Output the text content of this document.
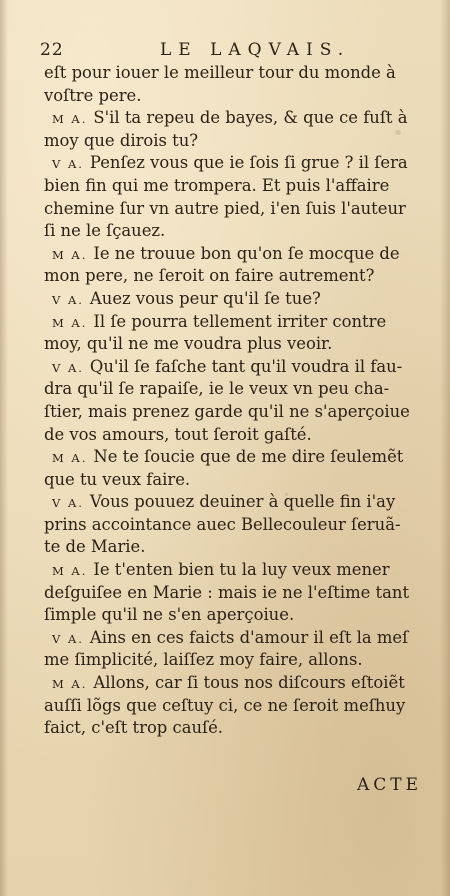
22	LE LAQVAIS.
eſt pour iouer le meilleur tour du monde à
voſtre pere.
M A. S'il ta repeu de bayes, & que ce fuſt à
moy que dirois tu?
V A. Penſez vous que ie ſois ſi grue ? il ſera
bien fin qui me trompera. Et puis l'affaire
chemine ſur vn autre pied, i'en ſuis l'auteur
ſi ne le ſçauez.
M A. Ie ne trouue bon qu'on ſe mocque de
mon pere, ne ſeroit on faire autrement?
V A. Auez vous peur qu'il ſe tue?
M A. Il ſe pourra tellement irriter contre
moy, qu'il ne me voudra plus veoir.
V A. Qu'il ſe faſche tant qu'il voudra il fau-
dra qu'il ſe rapaiſe, ie le veux vn peu cha-
ſtier, mais prenez garde qu'il ne s'aperçoiue
de vos amours, tout ſeroit gaſté.
M A. Ne te ſoucie que de me dire ſeulemẽt
que tu veux faire.
V A. Vous pouuez deuiner à quelle fin i'ay
prins accointance auec Bellecouleur ſeruã-
te de Marie.
M A. Ie t'enten bien tu la luy veux mener
deſguiſee en Marie : mais ie ne l'eſtime tant
ſimple qu'il ne s'en aperçoiue.
V A. Ains en ces faicts d'amour il eſt la meſ
me ſimplicité, laiſſez moy faire, allons.
M A. Allons, car ſi tous nos diſcours eſtoiẽt
auſſi lõgs que ceſtuy ci, ce ne ſeroit meſhuy
faict, c'eſt trop cauſé.
ACTE
